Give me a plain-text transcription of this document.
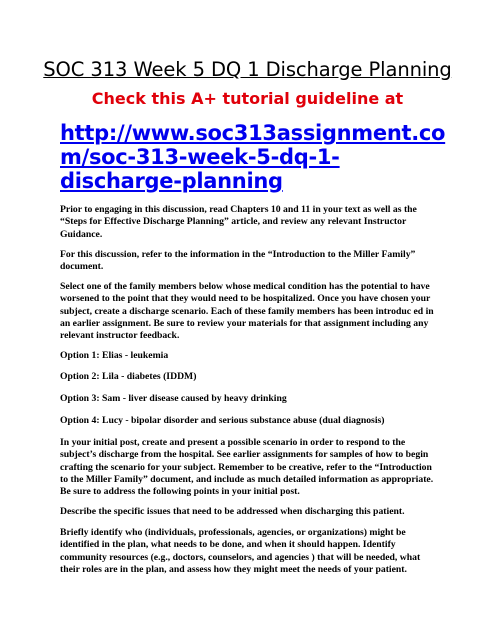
SOC 313 Week 5 DQ 1 Discharge Planning
Check this A+ tutorial guideline at
http://www.soc313assignment.co
m/soc-313-week-5-dq-1-
discharge-planning

Prior to engaging in this discussion, read Chapters 10 and 11 in your text as well as the
“Steps for Effective Discharge Planning” article, and review any relevant Instructor
Guidance.

For this discussion, refer to the information in the “Introduction to the Miller Family”
document.

Select one of the family members below whose medical condition has the potential to have
worsened to the point that they would need to be hospitalized. Once you have chosen your
subject, create a discharge scenario. Each of these family members has been introduc ed in
an earlier assignment. Be sure to review your materials for that assignment including any
relevant instructor feedback.

Option 1: Elias - leukemia

Option 2: Lila - diabetes (IDDM)

Option 3: Sam - liver disease caused by heavy drinking

Option 4: Lucy - bipolar disorder and serious substance abuse (dual diagnosis)

In your initial post, create and present a possible scenario in order to respond to the
subject’s discharge from the hospital. See earlier assignments for samples of how to begin
crafting the scenario for your subject. Remember to be creative, refer to the “Introduction
to the Miller Family” document, and include as much detailed information as appropriate.
Be sure to address the following points in your initial post.

Describe the specific issues that need to be addressed when discharging this patient.

Briefly identify who (individuals, professionals, agencies, or organizations) might be
identified in the plan, what needs to be done, and when it should happen. Identify
community resources (e.g., doctors, counselors, and agencies ) that will be needed, what
their roles are in the plan, and assess how they might meet the needs of your patient.
